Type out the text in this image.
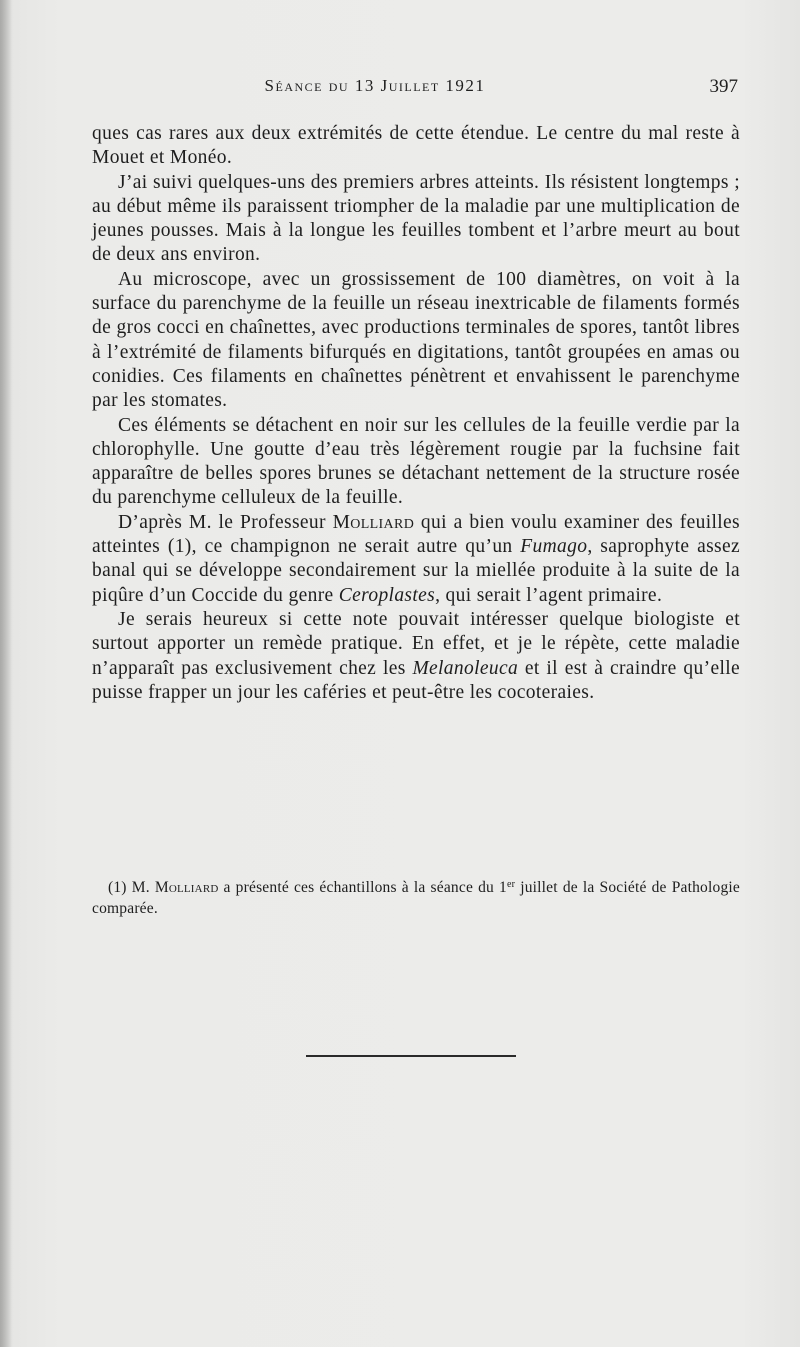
Séance du 13 Juillet 1921	397

ques cas rares aux deux extrémités de cette étendue. Le centre du mal reste à Mouet et Monéo.

J’ai suivi quelques-uns des premiers arbres atteints. Ils résistent longtemps ; au début même ils paraissent triompher de la maladie par une multiplication de jeunes pousses. Mais à la longue les feuilles tombent et l’arbre meurt au bout de deux ans environ.

Au microscope, avec un grossissement de 100 diamètres, on voit à la surface du parenchyme de la feuille un réseau inextricable de filaments formés de gros cocci en chaînettes, avec productions terminales de spores, tantôt libres à l’extrémité de filaments bifurqués en digitations, tantôt groupées en amas ou conidies. Ces filaments en chaînettes pénètrent et envahissent le parenchyme par les stomates.

Ces éléments se détachent en noir sur les cellules de la feuille verdie par la chlorophylle. Une goutte d’eau très légèrement rougie par la fuchsine fait apparaître de belles spores brunes se détachant nettement de la structure rosée du parenchyme celluleux de la feuille.

D’après M. le Professeur Molliard qui a bien voulu examiner des feuilles atteintes (1), ce champignon ne serait autre qu’un Fumago, saprophyte assez banal qui se développe secondairement sur la miellée produite à la suite de la piqûre d’un Coccide du genre Ceroplastes, qui serait l’agent primaire.

Je serais heureux si cette note pouvait intéresser quelque biologiste et surtout apporter un remède pratique. En effet, et je le répète, cette maladie n’apparaît pas exclusivement chez les Melanoleuca et il est à craindre qu’elle puisse frapper un jour les caféries et peut-être les cocoteraies.

(1) M. Molliard a présenté ces échantillons à la séance du 1er juillet de la Société de Pathologie comparée.
